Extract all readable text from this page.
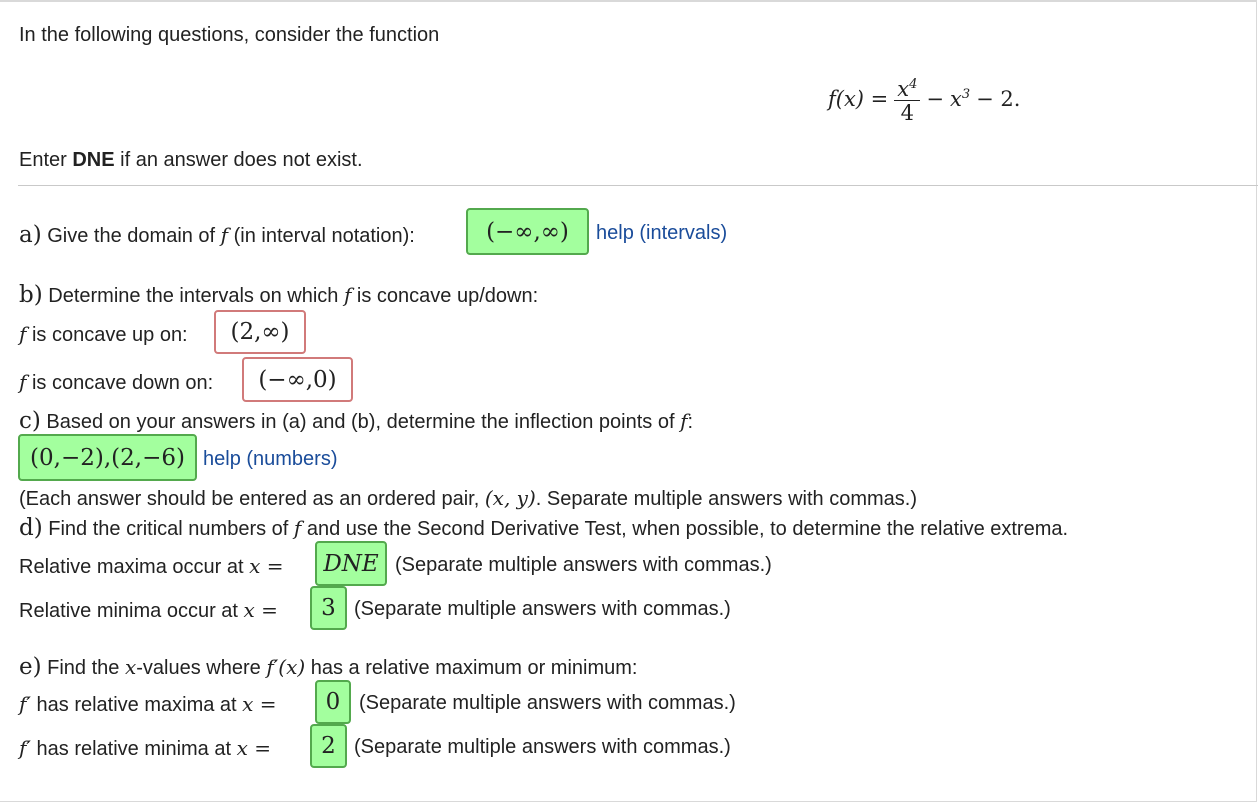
In the following questions, consider the function
$f(x) = \frac{x^4}{4} - x^3 - 2$.
Enter DNE if an answer does not exist.
a) Give the domain of f (in interval notation):	(−∞,∞)	help (intervals)
b) Determine the intervals on which f is concave up/down:
f is concave up on:	(2,∞)
f is concave down on:	(−∞,0)
c) Based on your answers in (a) and (b), determine the inflection points of f:
(0,−2),(2,−6) help (numbers)
(Each answer should be entered as an ordered pair, (x, y). Separate multiple answers with commas.)
d) Find the critical numbers of f and use the Second Derivative Test, when possible, to determine the relative extrema.
Relative maxima occur at x =	DNE (Separate multiple answers with commas.)
Relative minima occur at x =	3 (Separate multiple answers with commas.)
e) Find the x-values where f′(x) has a relative maximum or minimum:
f′ has relative maxima at x =	0 (Separate multiple answers with commas.)
f′ has relative minima at x =	2 (Separate multiple answers with commas.)
